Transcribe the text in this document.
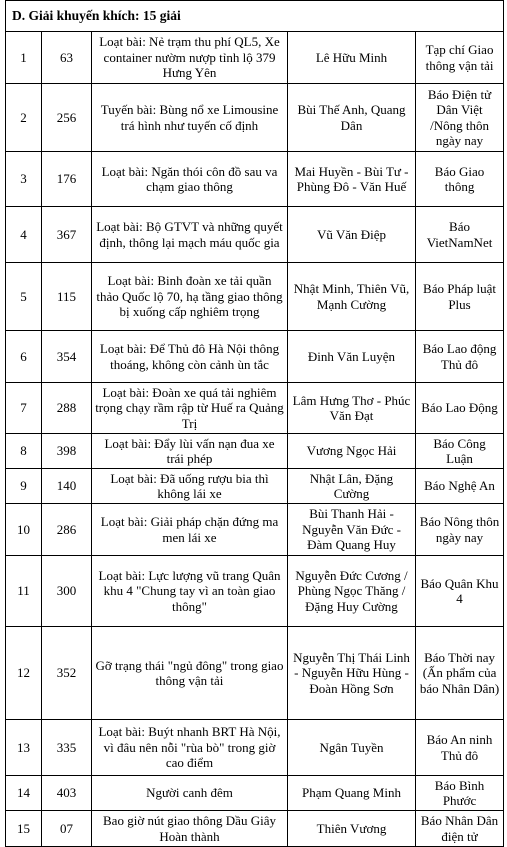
D. Giải khuyến khích: 15 giải				
1	63	Loạt bài: Nẻ trạm thu phí QL5, Xe container nườm nượp tỉnh lộ 379 Hưng Yên	Lê Hữu Minh	Tạp chí Giao thông vận tải
2	256	Tuyến bài: Bùng nổ xe Limousine trá hình như tuyến cố định	Bùi Thế Anh, Quang Dân	Báo Điện tử Dân Việt /Nông thôn ngày nay
3	176	Loạt bài: Ngăn thói côn đồ sau va chạm giao thông	Mai Huyền - Bùi Tư - Phùng Đô - Văn Huế	Báo Giao thông
4	367	Loạt bài: Bộ GTVT và những quyết định, thông lại mạch máu quốc gia	Vũ Văn Điệp	Báo VietNamNet
5	115	Loạt bài: Binh đoàn xe tải quần thảo Quốc lộ 70, hạ tầng giao thông bị xuống cấp nghiêm trọng	Nhật Minh, Thiên Vũ, Mạnh Cường	Báo Pháp luật Plus
6	354	Loạt bài: Để Thủ đô Hà Nội thông thoáng, không còn cảnh ùn tắc	Đinh Văn Luyện	Báo Lao động Thủ đô
7	288	Loạt bài: Đoàn xe quá tải nghiêm trọng chạy rầm rập từ Huế ra Quảng Trị	Lâm Hưng Thơ - Phúc Văn Đạt	Báo Lao Động
8	398	Loạt bài: Đẩy lùi vấn nạn đua xe trái phép	Vương Ngọc Hải	Báo Công Luận
9	140	Loạt bài: Đã uống rượu bia thì không lái xe	Nhật Lân, Đặng Cường	Báo Nghệ An
10	286	Loạt bài: Giải pháp chặn đứng ma men lái xe	Bùi Thanh Hải - Nguyễn Văn Đức - Đàm Quang Huy	Báo Nông thôn ngày nay
11	300	Loạt bài: Lực lượng vũ trang Quân khu 4 "Chung tay vì an toàn giao thông"	Nguyễn Đức Cương / Phùng Ngọc Thăng / Đặng Huy Cường	Báo Quân Khu 4
12	352	Gỡ trạng thái "ngủ đông" trong giao thông vận tải	Nguyễn Thị Thái Linh - Nguyễn Hữu Hùng - Đoàn Hồng Sơn	Báo Thời nay (Ấn phẩm của báo Nhân Dân)
13	335	Loạt bài: Buýt nhanh BRT Hà Nội, vì đâu nên nỗi "rùa bò" trong giờ cao điểm	Ngân Tuyền	Báo An ninh Thủ đô
14	403	Người canh đêm	Phạm Quang Minh	Báo Bình Phước
15	07	Bao giờ nút giao thông Dầu Giây Hoàn thành	Thiên Vương	Báo Nhân Dân điện tử
